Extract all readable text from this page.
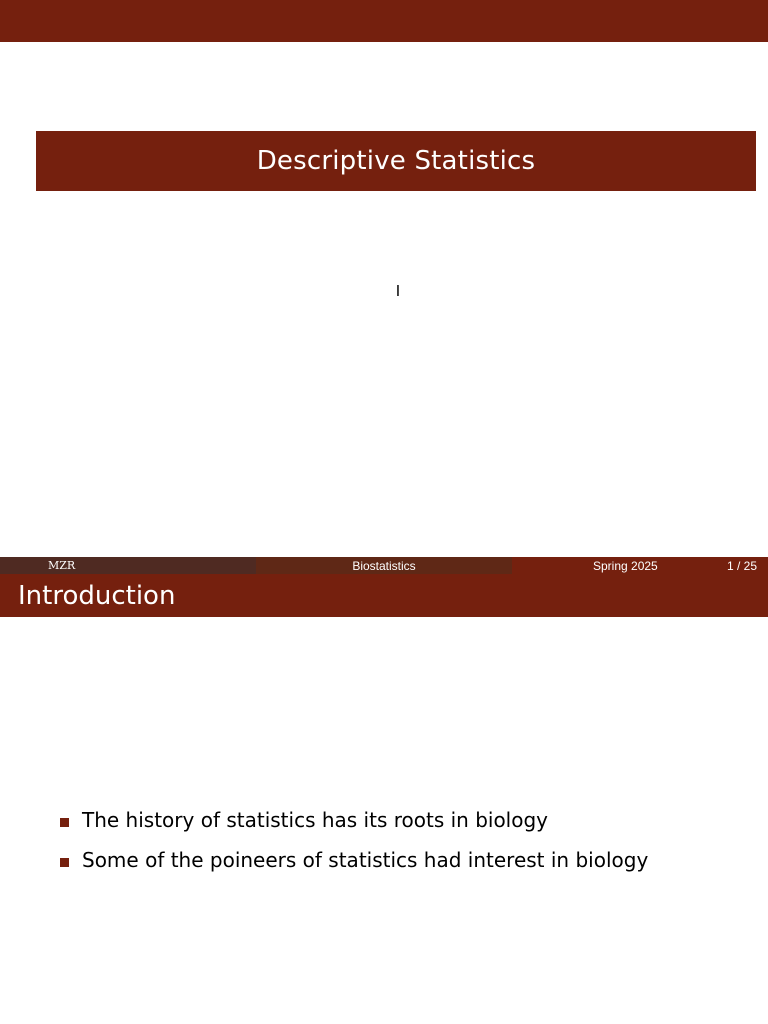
Descriptive Statistics
I
MZR	Biostatistics	Spring 2025	1 / 25
Introduction
The history of statistics has its roots in biology
Some of the poineers of statistics had interest in biology
